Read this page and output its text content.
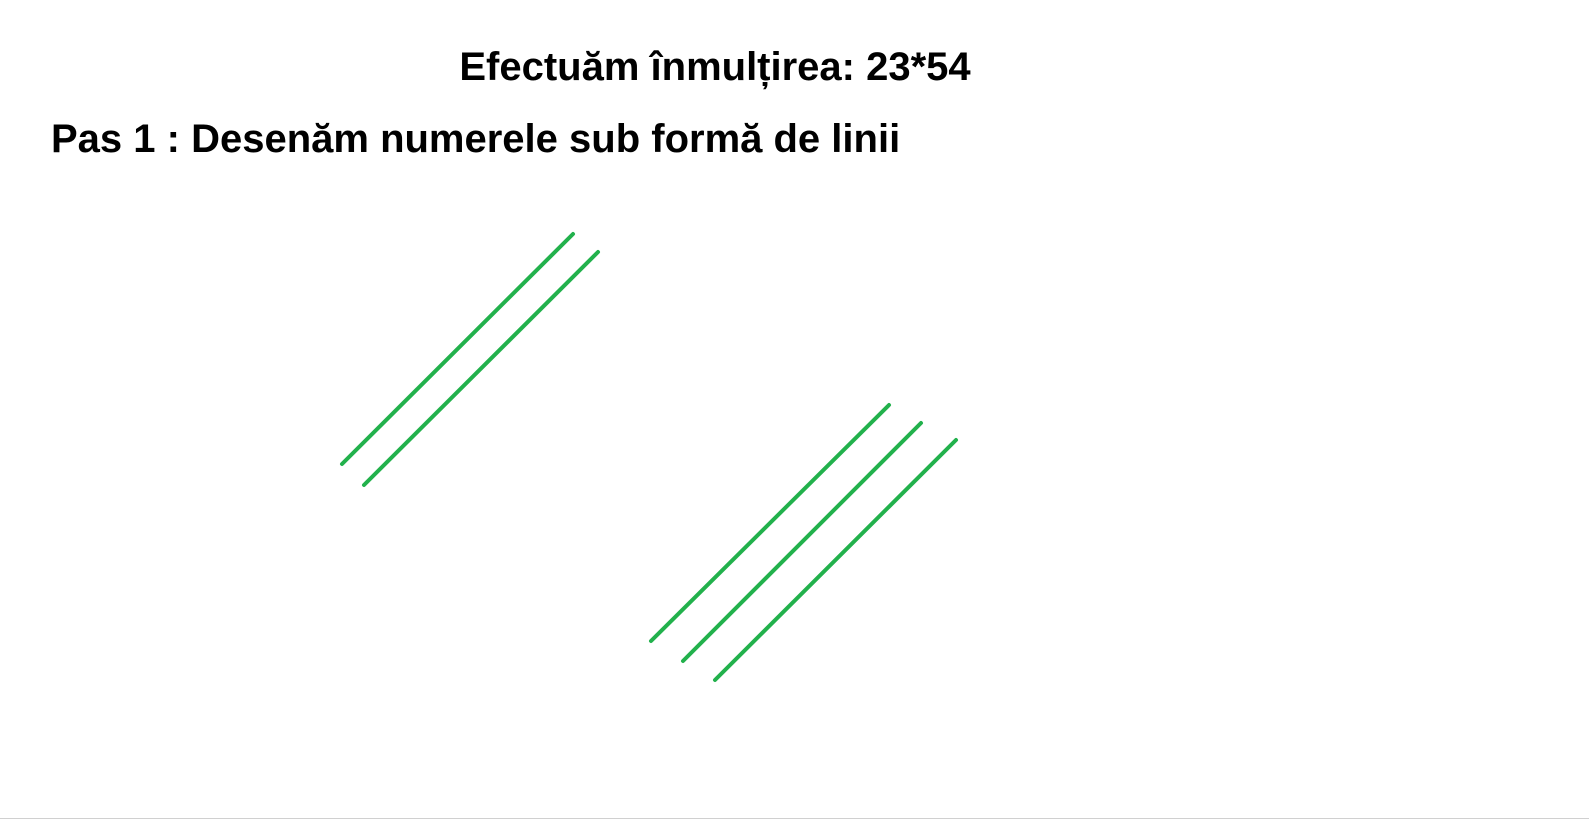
Efectuăm înmulțirea: 23*54
Pas 1 : Desenăm numerele sub formă de linii
